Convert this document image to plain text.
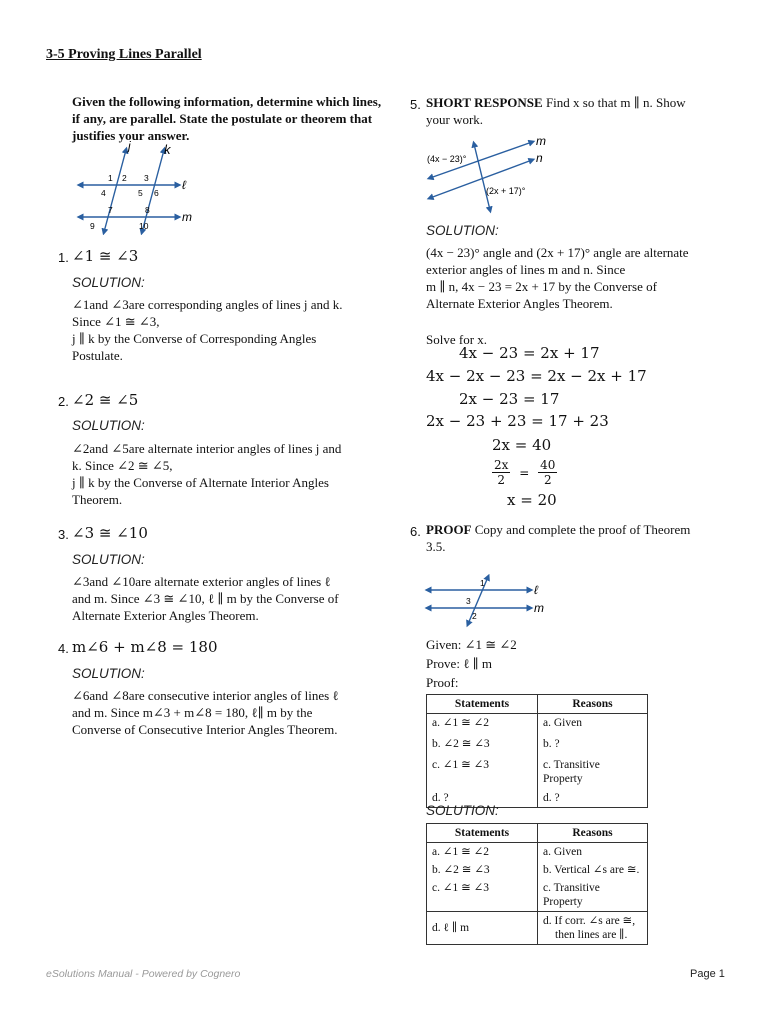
3-5 Proving Lines Parallel
Given the following information, determine which lines, if any, are parallel. State the postulate or theorem that justifies your answer.
j	k
ℓ
m
1 2 3
4	5 6
7	8
9	10
1. ∠1 ≅ ∠3
SOLUTION:
∠1and ∠3are corresponding angles of lines j and k.
Since ∠1 ≅ ∠3,
j ∥ k by the Converse of Corresponding Angles
Postulate.
2. ∠2 ≅ ∠5
SOLUTION:
∠2and ∠5are alternate interior angles of lines j and
k. Since ∠2 ≅ ∠5,
j ∥ k by the Converse of Alternate Interior Angles
Theorem.
3. ∠3 ≅ ∠10
SOLUTION:
∠3and ∠10are alternate exterior angles of lines ℓ
and m. Since ∠3 ≅ ∠10, ℓ ∥ m by the Converse of
Alternate Exterior Angles Theorem.
4. m∠6 + m∠8 = 180
SOLUTION:
∠6and ∠8are consecutive interior angles of lines ℓ
and m. Since m∠3 + m∠8 = 180, ℓ∥ m by the
Converse of Consecutive Interior Angles Theorem.
5. SHORT RESPONSE Find x so that m ∥ n. Show
your work.
(4x − 23)°
(2x + 17)°
m
n
SOLUTION:
(4x − 23)° angle and (2x + 17)° angle are alternate
exterior angles of lines m and n. Since
m ∥ n, 4x − 23 = 2x + 17 by the Converse of
Alternate Exterior Angles Theorem.
Solve for x.
4x − 23 = 2x + 17
4x − 2x − 23 = 2x − 2x + 17
2x − 23 = 17
2x − 23 + 23 = 17 + 23
2x = 40
$\frac{2x}{2} = \frac{40}{2}$
x = 20
6. PROOF Copy and complete the proof of Theorem
3.5.
1
3
2
ℓ
m
Given: ∠1 ≅ ∠2
Prove: ℓ ∥ m
Proof:
Statements	Reasons
a. ∠1 ≅ ∠2	a. Given
b. ∠2 ≅ ∠3	b. ?
c. ∠1 ≅ ∠3	c. Transitive Property
d. ?	d. ?
SOLUTION:
Statements	Reasons
a. ∠1 ≅ ∠2	a. Given
b. ∠2 ≅ ∠3	b. Vertical ∠s are ≅.
c. ∠1 ≅ ∠3	c. Transitive Property
d. ℓ ∥ m	d. If corr. ∠s are ≅,
then lines are ∥.
eSolutions Manual - Powered by Cognero	Page 1
